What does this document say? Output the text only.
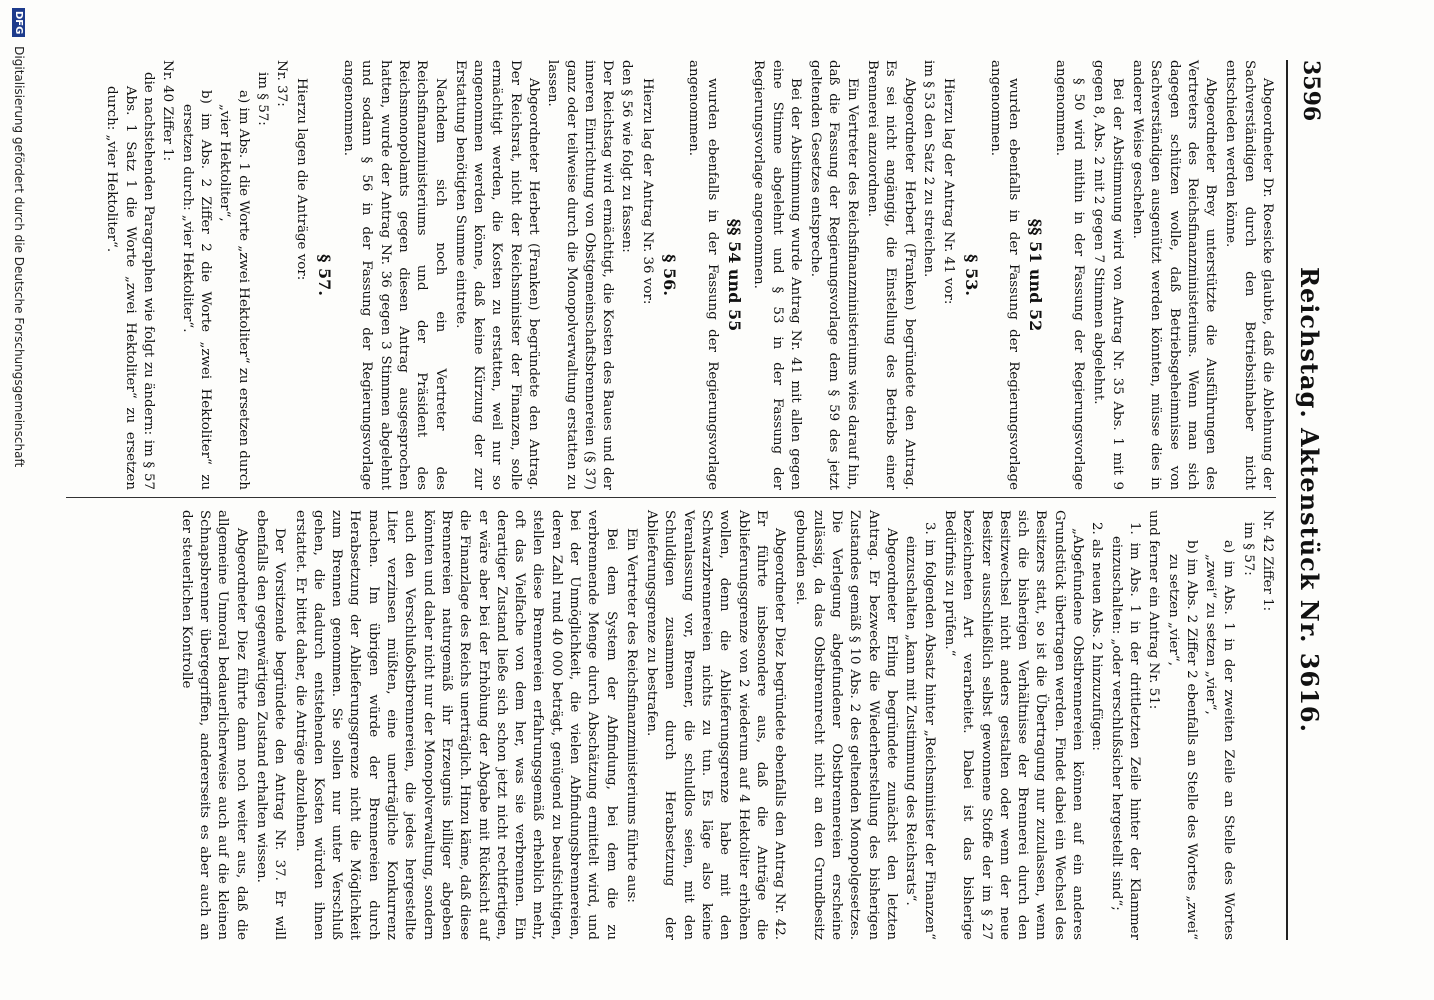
3596
Reichstag. Aktenstück Nr. 3616.

Abgeordneter Dr. Roesicke glaubte, daß die Ablehnung der Sachverständigen durch den Betriebsinhaber nicht entschieden werden könne.

Abgeordneter Brey unterstützte die Ausführungen des Vertreters des Reichsfinanzministeriums. Wenn man sich dagegen schützen wolle, daß Betriebsgeheimnisse von Sachverständigen ausgenützt werden könnten, müsse dies in anderer Weise geschehen.

Bei der Abstimmung wird von Antrag Nr. 35 Abs. 1 mit 9 gegen 8, Abs. 2 mit 2 gegen 7 Stimmen abgelehnt.

§ 50 wird mithin in der Fassung der Regierungsvorlage angenommen.

§§ 51 und 52

wurden ebenfalls in der Fassung der Regierungsvorlage angenommen.

§ 53.

Hierzu lag der Antrag Nr. 41 vor:

im § 53 den Satz 2 zu streichen.

Abgeordneter Herbert (Franken) begründete den Antrag. Es sei nicht angängig, die Einstellung des Betriebs einer Brennerei anzuordnen.

Ein Vertreter des Reichsfinanzministeriums wies darauf hin, daß die Fassung der Regierungsvorlage dem § 59 des jetzt geltenden Gesetzes entspreche.

Bei der Abstimmung wurde Antrag Nr. 41 mit allen gegen eine Stimme abgelehnt und § 53 in der Fassung der Regierungsvorlage angenommen.

§§ 54 und 55

wurden ebenfalls in der Fassung der Regierungsvorlage angenommen.

§ 56.

Hierzu lag der Antrag Nr. 36 vor:

den § 56 wie folgt zu fassen:

Der Reichstag wird ermächtigt, die Kosten des Baues und der inneren Einrichtung von Obstgemeinschaftsbrennereien (§ 37) ganz oder teilweise durch die Monopolverwaltung erstatten zu lassen.

Abgeordneter Herbert (Franken) begründete den Antrag. Der Reichsrat, nicht der Reichsminister der Finanzen, solle ermächtigt werden, die Kosten zu erstatten, weil nur so angenommen werden könne, daß keine Kürzung der zur Erstattung benötigten Summe eintrete.

Nachdem sich noch ein Vertreter des Reichsfinanzministeriums und der Präsident des Reichsmonopolamts gegen diesen Antrag ausgesprochen hatten, wurde der Antrag Nr. 36 gegen 3 Stimmen abgelehnt und sodann § 56 in der Fassung der Regierungsvorlage angenommen.

§ 57.

Hierzu lagen die Anträge vor:

Nr. 37:

im § 57:

a) im Abs. 1 die Worte „zwei Hektoliter“ zu ersetzen durch „vier Hektoliter“,

b) im Abs. 2 Ziffer 2 die Worte „zwei Hektoliter“ zu ersetzen durch: „vier Hektoliter“.

Nr. 40 Ziffer 1:

die nachstehenden Paragraphen wie folgt zu ändern: im § 57 Abs. 1 Satz 1 die Worte „zwei Hektoliter“ zu ersetzen durch: „vier Hektoliter“.

Nr. 42 Ziffer 1:

im § 57:

a) im Abs. 1 in der zweiten Zeile an Stelle des Wortes „zwei“ zu setzen „vier“,

b) im Abs. 2 Ziffer 2 ebenfalls an Stelle des Wortes „zwei“ zu setzen „vier“,

und ferner ein Antrag Nr. 51:

1. im Abs. 1 in der drittletzten Zeile hinter der Klammer einzuschalten: „oder verschlußsicher hergestellt sind“;

2. als neuen Abs. 2 hinzuzufügen:

„Abgefundene Obstbrennereien können auf ein anderes Grundstück übertragen werden. Findet dabei ein Wechsel des Besitzers statt, so ist die Übertragung nur zuzulassen, wenn sich die bisherigen Verhältnisse der Brennerei durch den Besitzwechsel nicht anders gestalten oder wenn der neue Besitzer ausschließlich selbst gewonnene Stoffe der im § 27 bezeichneten Art verarbeitet. Dabei ist das bisherige Bedürfnis zu prüfen.“

3. im folgenden Absatz hinter „Reichsminister der Finanzen“ einzuschalten „kann mit Zustimmung des Reichsrats“.

Abgeordneter Erling begründete zunächst den letzten Antrag. Er bezwecke die Wiederherstellung des bisherigen Zustandes gemäß § 10 Abs. 2 des geltenden Monopolgesetzes. Die Verlegung abgefundener Obstbrennereien erscheine zulässig, da das Obstbrennrecht nicht an den Grundbesitz gebunden sei.

Abgeordneter Diez begründete ebenfalls den Antrag Nr. 42. Er führte insbesondere aus, daß die Anträge die Ablieferungsgrenze von 2 wiederum auf 4 Hektoliter erhöhen wollen, denn die Ablieferungsgrenze habe mit den Schwarzbrennereien nichts zu tun. Es läge also keine Veranlassung vor, Brenner, die schuldlos seien, mit den Schuldigen zusammen durch Herabsetzung der Ablieferungsgrenze zu bestrafen.

Ein Vertreter des Reichsfinanzministeriums führte aus:

Bei dem System der Abfindung, bei dem die zu verbrennende Menge durch Abschätzung ermittelt wird, und bei der Unmöglichkeit, die vielen Abfindungsbrennereien, deren Zahl rund 40 000 beträgt, genügend zu beaufsichtigen, stellen diese Brennereien erfahrungsgemäß erheblich mehr, oft das Vielfache von dem her, was sie verbrennen. Ein derartiger Zustand ließe sich schon jetzt nicht rechtfertigen, er wäre aber bei der Erhöhung der Abgabe mit Rücksicht auf die Finanzlage des Reichs unerträglich. Hinzu käme, daß diese Brennereien naturgemäß ihr Erzeugnis billiger abgeben könnten und daher nicht nur der Monopolverwaltung, sondern auch den Verschlußobstbrennereien, die jedes hergestellte Liter verzinsen müßten, eine unerträgliche Konkurrenz machen. Im übrigen würde der Brennereien durch Herabsetzung der Ablieferungsgrenze nicht die Möglichkeit zum Brennen genommen. Sie sollen nur unter Verschluß gehen, die dadurch entstehenden Kosten würden ihnen erstattet. Er bittet daher, die Anträge abzulehnen.

Der Vorsitzende begründete den Antrag Nr. 37. Er will ebenfalls den gegenwärtigen Zustand erhalten wissen.

Abgeordneter Diez führte dann noch weiter aus, daß die allgemeine Unmoral bedauerlicherweise auch auf die kleinen Schnapsbrenner übergegriffen, andererseits es aber auch an der steuerlichen Kontrolle

DFG Digitalisierung gefördert durch die Deutsche Forschungsgemeinschaft
